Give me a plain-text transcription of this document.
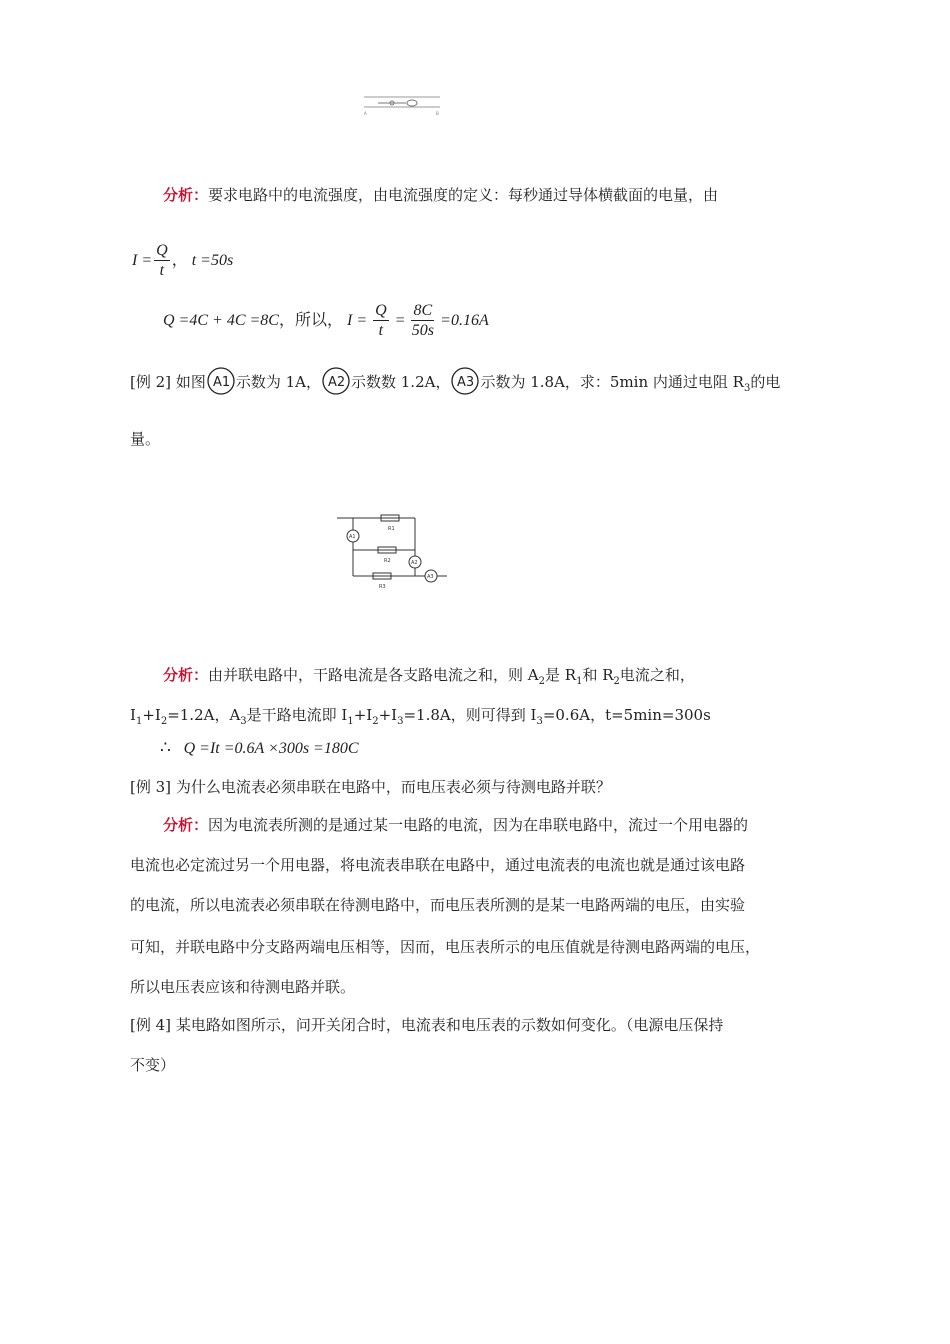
A	B
分析：要求电路中的电流强度，由电流强度的定义：每秒通过导体横截面的电量，由
$I = \frac{Q}{t}$ ， t =50s
Q =4C + 4C =8C，所以， $I = \frac{Q}{t} = \frac{8C}{50s} =0.16A$
[例 2] 如图 A1 示数为 1A， A2 示数数 1.2A， A3 示数为 1.8A，求：5min 内通过电阻 $R_3$的电
量。
R1
R2
R3
A1
A2
A3
分析：由并联电路中，干路电流是各支路电流之和，则 $A_2$是 $R_1$和 $R_2$电流之和，
$I_1+I_2=1.2A$，$A_3$是干路电流即 $I_1+I_2+I_3=1.8A$，则可得到 $I_3=0.6A$，t=5min=300s
∴ Q =It =0.6A ×300s =180C
[例 3] 为什么电流表必须串联在电路中，而电压表必须与待测电路并联？
分析：因为电流表所测的是通过某一电路的电流，因为在串联电路中，流过一个用电器的
电流也必定流过另一个用电器，将电流表串联在电路中，通过电流表的电流也就是通过该电路
的电流，所以电流表必须串联在待测电路中，而电压表所测的是某一电路两端的电压，由实验
可知，并联电路中分支路两端电压相等，因而，电压表所示的电压值就是待测电路两端的电压，
所以电压表应该和待测电路并联。
[例 4] 某电路如图所示，问开关闭合时，电流表和电压表的示数如何变化。（电源电压保持
不变）
